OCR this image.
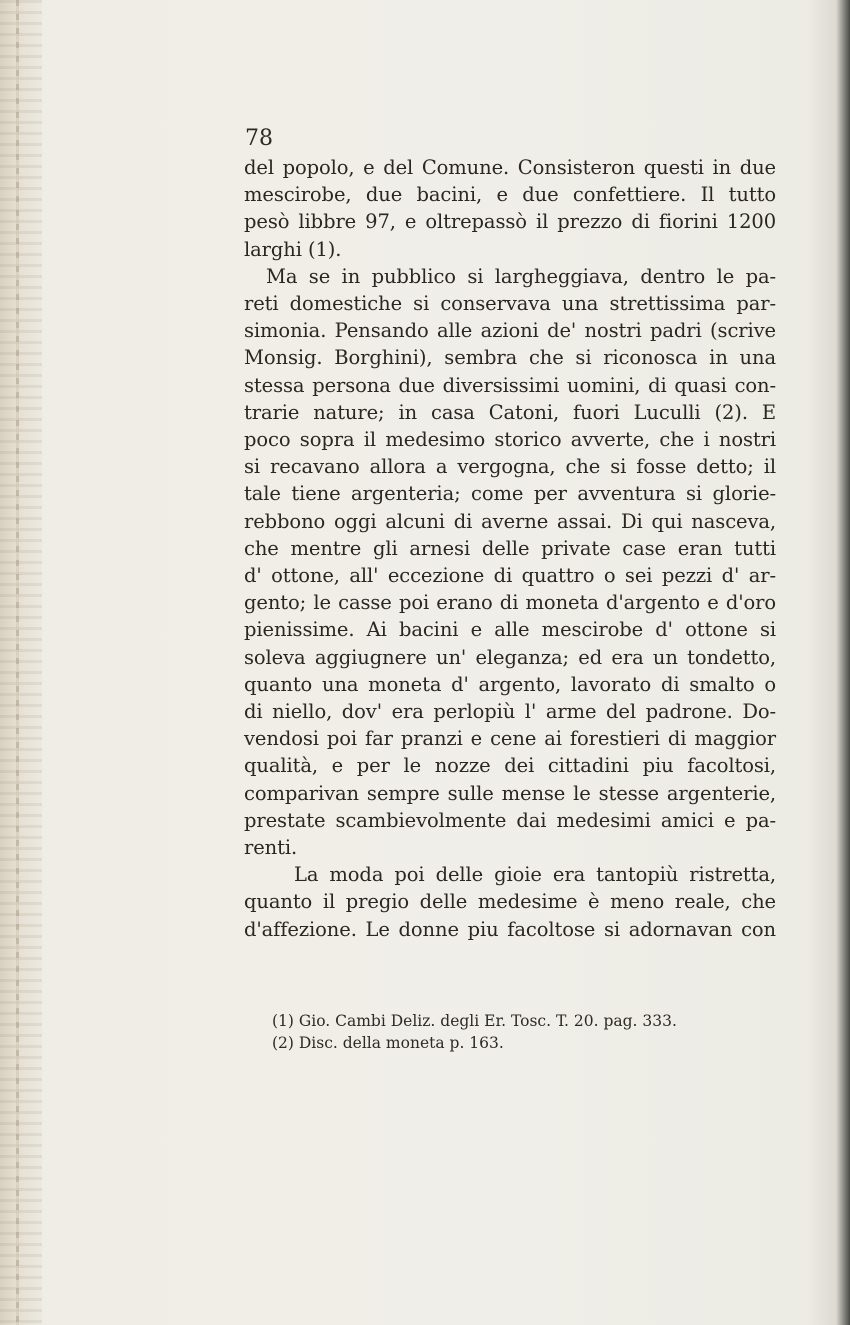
78
del popolo, e del Comune. Consisteron questi in due
mescirobe, due bacini, e due confettiere. Il tutto
pesò libbre 97, e oltrepassò il prezzo di fiorini 1200
larghi (1).
Ma se in pubblico si largheggiava, dentro le pa-
reti domestiche si conservava una strettissima par-
simonia. Pensando alle azioni de' nostri padri (scrive
Monsig. Borghini), sembra che si riconosca in una
stessa persona due diversissimi uomini, di quasi con-
trarie nature; in casa Catoni, fuori Luculli (2). E
poco sopra il medesimo storico avverte, che i nostri
si recavano allora a vergogna, che si fosse detto; il
tale tiene argenteria; come per avventura si glorie-
rebbono oggi alcuni di averne assai. Di qui nasceva,
che mentre gli arnesi delle private case eran tutti
d' ottone, all' eccezione di quattro o sei pezzi d' ar-
gento; le casse poi erano di moneta d'argento e d'oro
pienissime. Ai bacini e alle mescirobe d' ottone si
soleva aggiugnere un' eleganza; ed era un tondetto,
quanto una moneta d' argento, lavorato di smalto o
di niello, dov' era perlopiù l' arme del padrone. Do-
vendosi poi far pranzi e cene ai forestieri di maggior
qualità, e per le nozze dei cittadini piu facoltosi,
comparivan sempre sulle mense le stesse argenterie,
prestate scambievolmente dai medesimi amici e pa-
renti.
La moda poi delle gioie era tantopiù ristretta,
quanto il pregio delle medesime è meno reale, che
d'affezione. Le donne piu facoltose si adornavan con
(1) Gio. Cambi Deliz. degli Er. Tosc. T. 20. pag. 333.
(2) Disc. della moneta p. 163.
